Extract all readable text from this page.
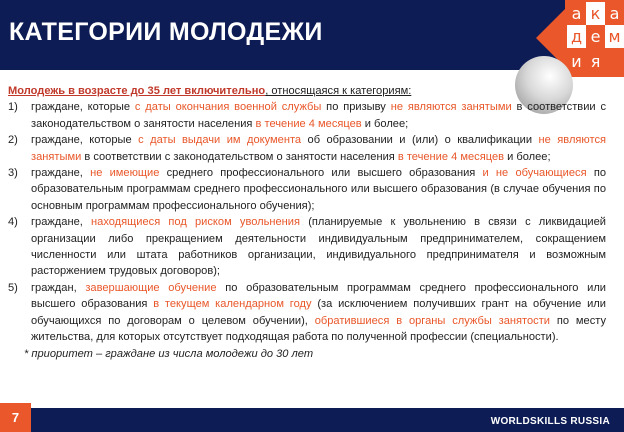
КАТЕГОРИИ МОЛОДЕЖИ
а к а
д е м
и я

Молодежь в возрасте до 35 лет включительно, относящаяся к категориям:

1)	граждане, которые с даты окончания военной службы по призыву не являются занятыми в соответствии с законодательством о занятости населения в течение 4 месяцев и более;
2)	граждане, которые с даты выдачи им документа об образовании и (или) о квалификации не являются занятыми в соответствии с законодательством о занятости населения в течение 4 месяцев и более;
3)	граждане, не имеющие среднего профессионального или высшего образования и не обучающиеся по образовательным программам среднего профессионального или высшего образования (в случае обучения по основным программам профессионального обучения);
4)	граждане, находящиеся под риском увольнения (планируемые к увольнению в связи с ликвидацией организации либо прекращением деятельности индивидуальным предпринимателем, сокращением численности или штата работников организации, индивидуального предпринимателя и возможным расторжением трудовых договоров);
5)	граждан, завершающие обучение по образовательным программам среднего профессионального или высшего образования в текущем календарном году (за исключением получивших грант на обучение или обучающихся по договорам о целевом обучении), обратившиеся в органы службы занятости по месту жительства, для которых отсутствует подходящая работа по полученной профессии (специальности).
* приоритет – граждане из числа молодежи до 30 лет
WORLDSKILLS RUSSIA
7
